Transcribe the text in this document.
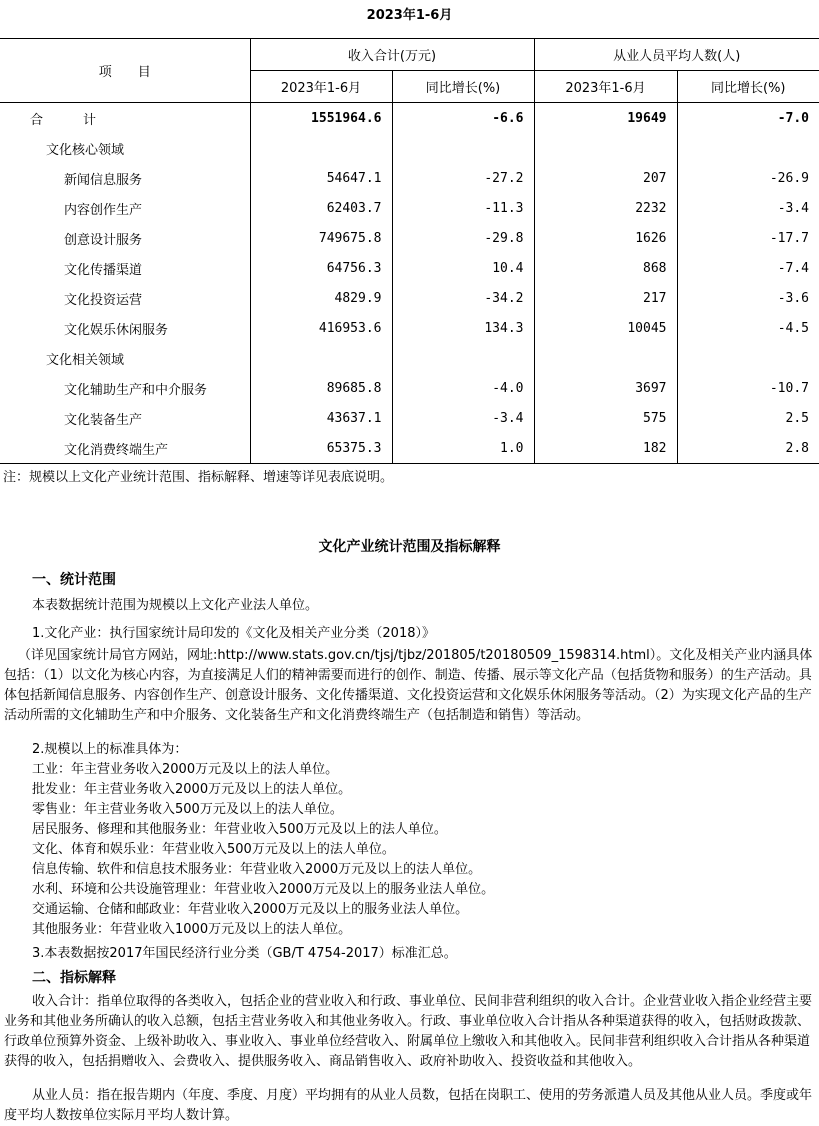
2023年1-6月
项　　目	收入合计(万元)		从业人员平均人数(人)	
	2023年1-6月	同比增长(%)	2023年1-6月	同比增长(%)
合计	1551964.6	-6.6	19649	-7.0
文化核心领域				
新闻信息服务	54647.1	-27.2	207	-26.9
内容创作生产	62403.7	-11.3	2232	-3.4
创意设计服务	749675.8	-29.8	1626	-17.7
文化传播渠道	64756.3	10.4	868	-7.4
文化投资运营	4829.9	-34.2	217	-3.6
文化娱乐休闲服务	416953.6	134.3	10045	-4.5
文化相关领域				
文化辅助生产和中介服务	89685.8	-4.0	3697	-10.7
文化装备生产	43637.1	-3.4	575	2.5
文化消费终端生产	65375.3	1.0	182	2.8
注：规模以上文化产业统计范围、指标解释、增速等详见表底说明。
文化产业统计范围及指标解释
一、统计范围
本表数据统计范围为规模以上文化产业法人单位。
1.文化产业：执行国家统计局印发的《文化及相关产业分类（2018）》
（详见国家统计局官方网站，网址:http://www.stats.gov.cn/tjsj/tjbz/201805/t20180509_1598314.html）。文化及相关产业内涵具体包括：（1）以文化为核心内容，为直接满足人们的精神需要而进行的创作、制造、传播、展示等文化产品（包括货物和服务）的生产活动。具体包括新闻信息服务、内容创作生产、创意设计服务、文化传播渠道、文化投资运营和文化娱乐休闲服务等活动。（2）为实现文化产品的生产活动所需的文化辅助生产和中介服务、文化装备生产和文化消费终端生产（包括制造和销售）等活动。
2.规模以上的标准具体为：
工业：年主营业务收入2000万元及以上的法人单位。
批发业：年主营业务收入2000万元及以上的法人单位。
零售业：年主营业务收入500万元及以上的法人单位。
居民服务、修理和其他服务业：年营业收入500万元及以上的法人单位。
文化、体育和娱乐业：年营业收入500万元及以上的法人单位。
信息传输、软件和信息技术服务业：年营业收入2000万元及以上的法人单位。
水利、环境和公共设施管理业：年营业收入2000万元及以上的服务业法人单位。
交通运输、仓储和邮政业：年营业收入2000万元及以上的服务业法人单位。
其他服务业：年营业收入1000万元及以上的法人单位。
3.本表数据按2017年国民经济行业分类（GB/T 4754-2017）标准汇总。
二、指标解释
收入合计：指单位取得的各类收入，包括企业的营业收入和行政、事业单位、民间非营利组织的收入合计。企业营业收入指企业经营主要业务和其他业务所确认的收入总额，包括主营业务收入和其他业务收入。行政、事业单位收入合计指从各种渠道获得的收入，包括财政拨款、行政单位预算外资金、上级补助收入、事业收入、事业单位经营收入、附属单位上缴收入和其他收入。民间非营利组织收入合计指从各种渠道获得的收入，包括捐赠收入、会费收入、提供服务收入、商品销售收入、政府补助收入、投资收益和其他收入。
从业人员：指在报告期内（年度、季度、月度）平均拥有的从业人员数，包括在岗职工、使用的劳务派遣人员及其他从业人员。季度或年度平均人数按单位实际月平均人数计算。
